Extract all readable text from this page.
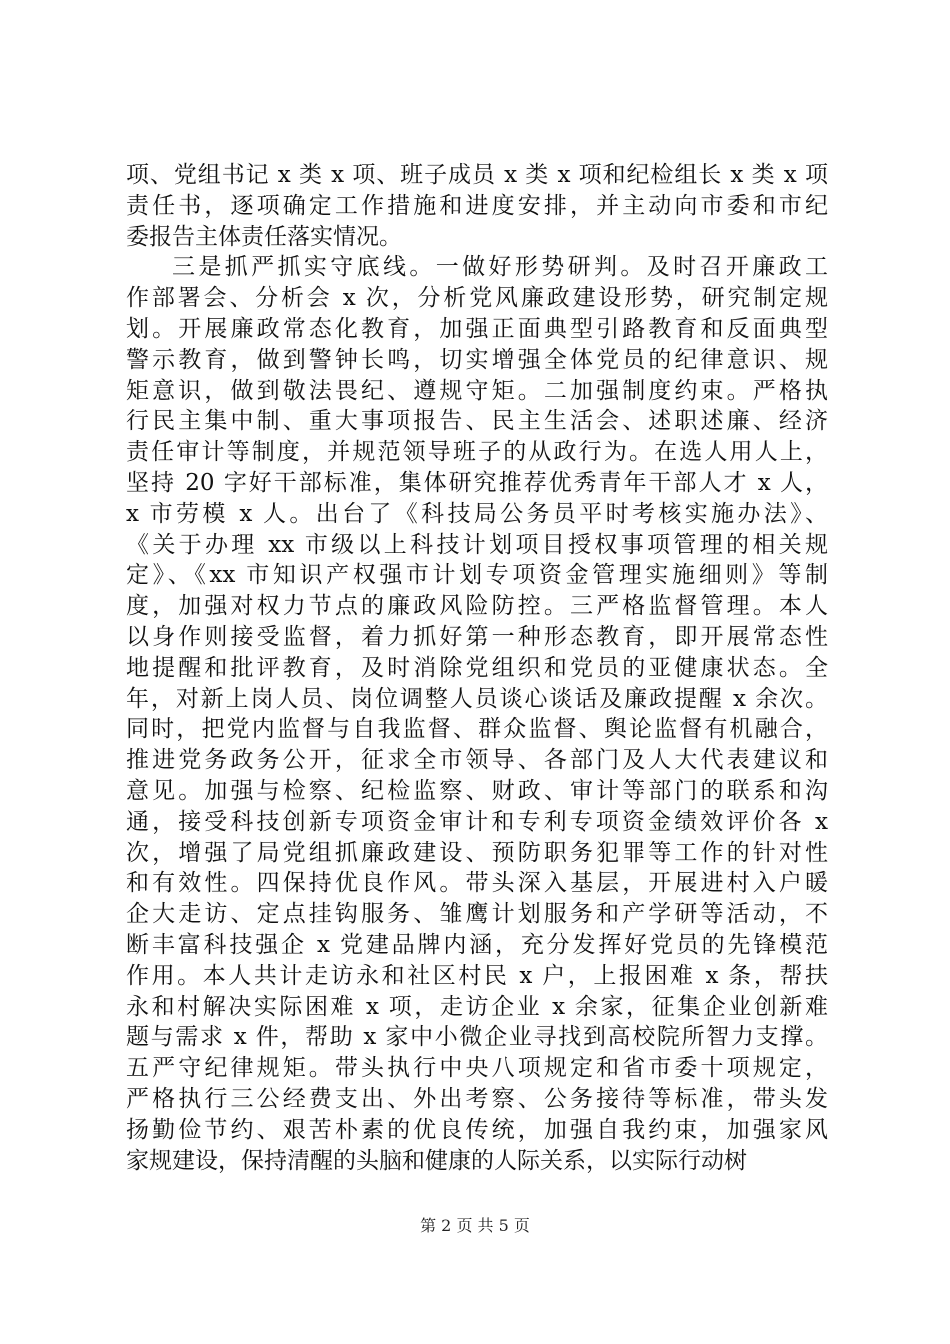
项、党组书记 x 类 x 项、班子成员 x 类 x 项和纪检组长 x 类 x 项
责任书，逐项确定工作措施和进度安排，并主动向市委和市纪
委报告主体责任落实情况。
三是抓严抓实守底线。一做好形势研判。及时召开廉政工
作部署会、分析会 x 次，分析党风廉政建设形势，研究制定规
划。开展廉政常态化教育，加强正面典型引路教育和反面典型
警示教育，做到警钟长鸣，切实增强全体党员的纪律意识、规
矩意识，做到敬法畏纪、遵规守矩。二加强制度约束。严格执
行民主集中制、重大事项报告、民主生活会、述职述廉、经济
责任审计等制度，并规范领导班子的从政行为。在选人用人上，
坚持 20 字好干部标准，集体研究推荐优秀青年干部人才 x 人，
x 市劳模 x 人。出台了《科技局公务员平时考核实施办法》、
《关于办理 xx 市级以上科技计划项目授权事项管理的相关规
定》、《xx 市知识产权强市计划专项资金管理实施细则》等制
度，加强对权力节点的廉政风险防控。三严格监督管理。本人
以身作则接受监督，着力抓好第一种形态教育，即开展常态性
地提醒和批评教育，及时消除党组织和党员的亚健康状态。全
年，对新上岗人员、岗位调整人员谈心谈话及廉政提醒 x 余次。
同时，把党内监督与自我监督、群众监督、舆论监督有机融合，
推进党务政务公开，征求全市领导、各部门及人大代表建议和
意见。加强与检察、纪检监察、财政、审计等部门的联系和沟
通，接受科技创新专项资金审计和专利专项资金绩效评价各 x
次，增强了局党组抓廉政建设、预防职务犯罪等工作的针对性
和有效性。四保持优良作风。带头深入基层，开展进村入户暖
企大走访、定点挂钩服务、雏鹰计划服务和产学研等活动，不
断丰富科技强企 x 党建品牌内涵，充分发挥好党员的先锋模范
作用。本人共计走访永和社区村民 x 户，上报困难 x 条，帮扶
永和村解决实际困难 x 项，走访企业 x 余家，征集企业创新难
题与需求 x 件，帮助 x 家中小微企业寻找到高校院所智力支撑。
五严守纪律规矩。带头执行中央八项规定和省市委十项规定，
严格执行三公经费支出、外出考察、公务接待等标准，带头发
扬勤俭节约、艰苦朴素的优良传统，加强自我约束，加强家风
家规建设，保持清醒的头脑和健康的人际关系，以实际行动树
第 2 页 共 5 页
